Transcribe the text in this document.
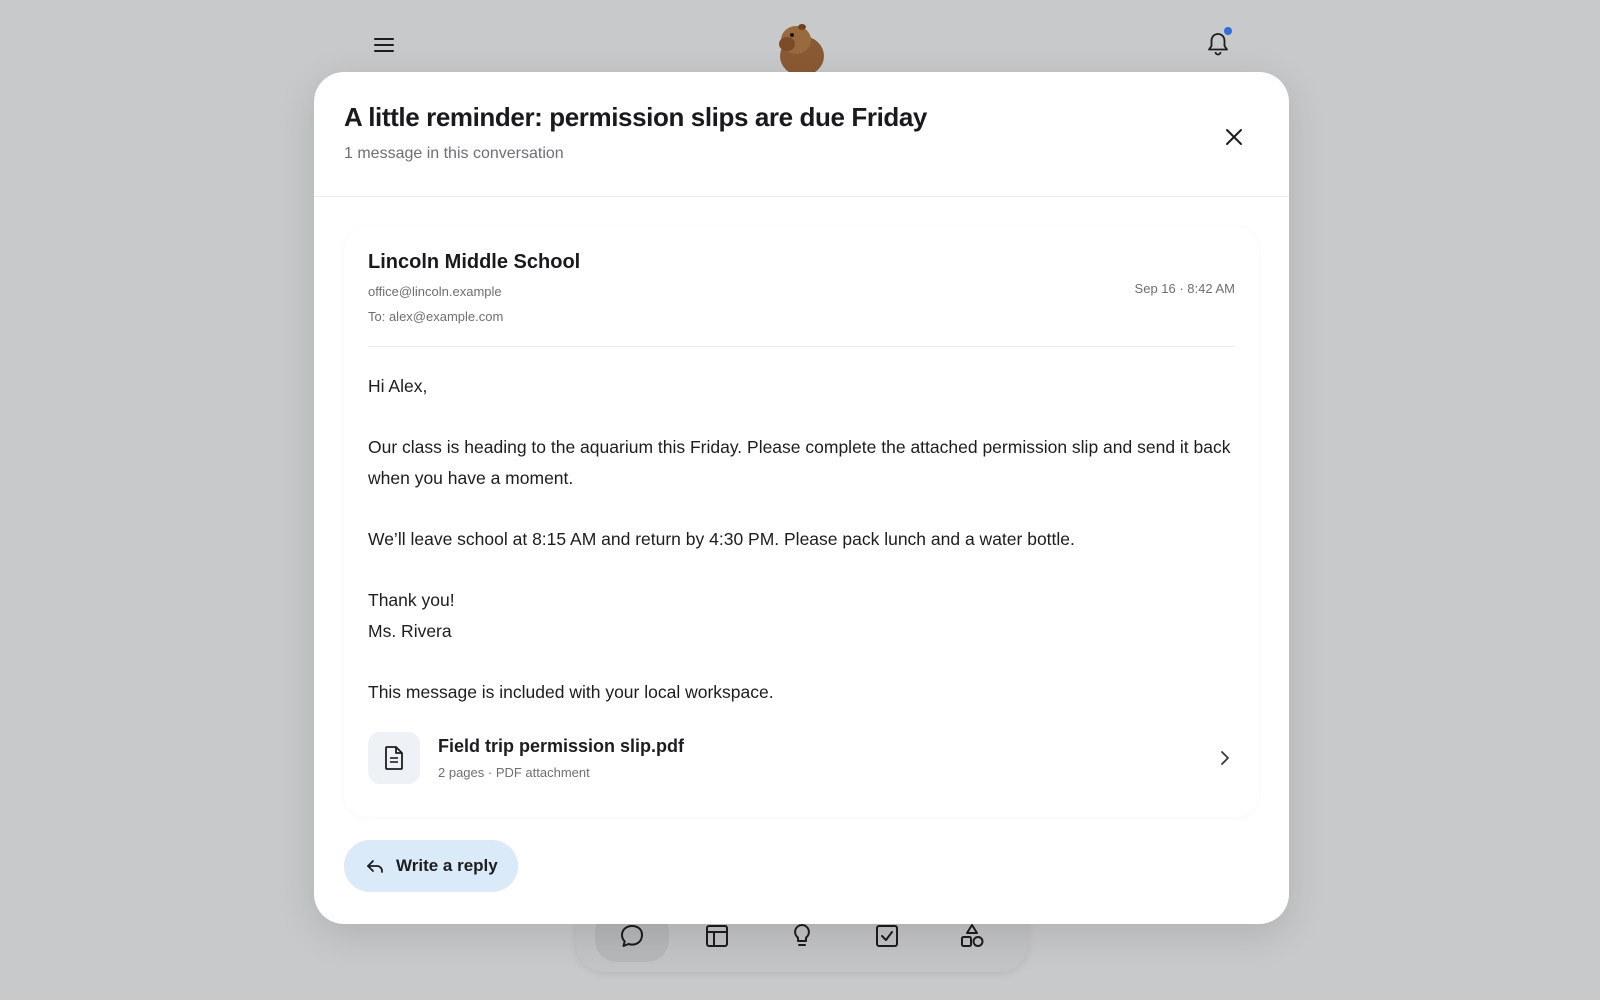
A little reminder: permission slips are due Friday
1 message in this conversation
Lincoln Middle School
office@lincoln.example
To: alex@example.com
Sep 16 · 8:42 AM

Hi Alex,

Our class is heading to the aquarium this Friday. Please complete the attached permission slip and send it back when you have a moment.

We’ll leave school at 8:15 AM and return by 4:30 PM. Please pack lunch and a water bottle.

Thank you!

Ms. Rivera

This message is included with your local workspace.

Field trip permission slip.pdf
2 pages · PDF attachment
Write a reply
